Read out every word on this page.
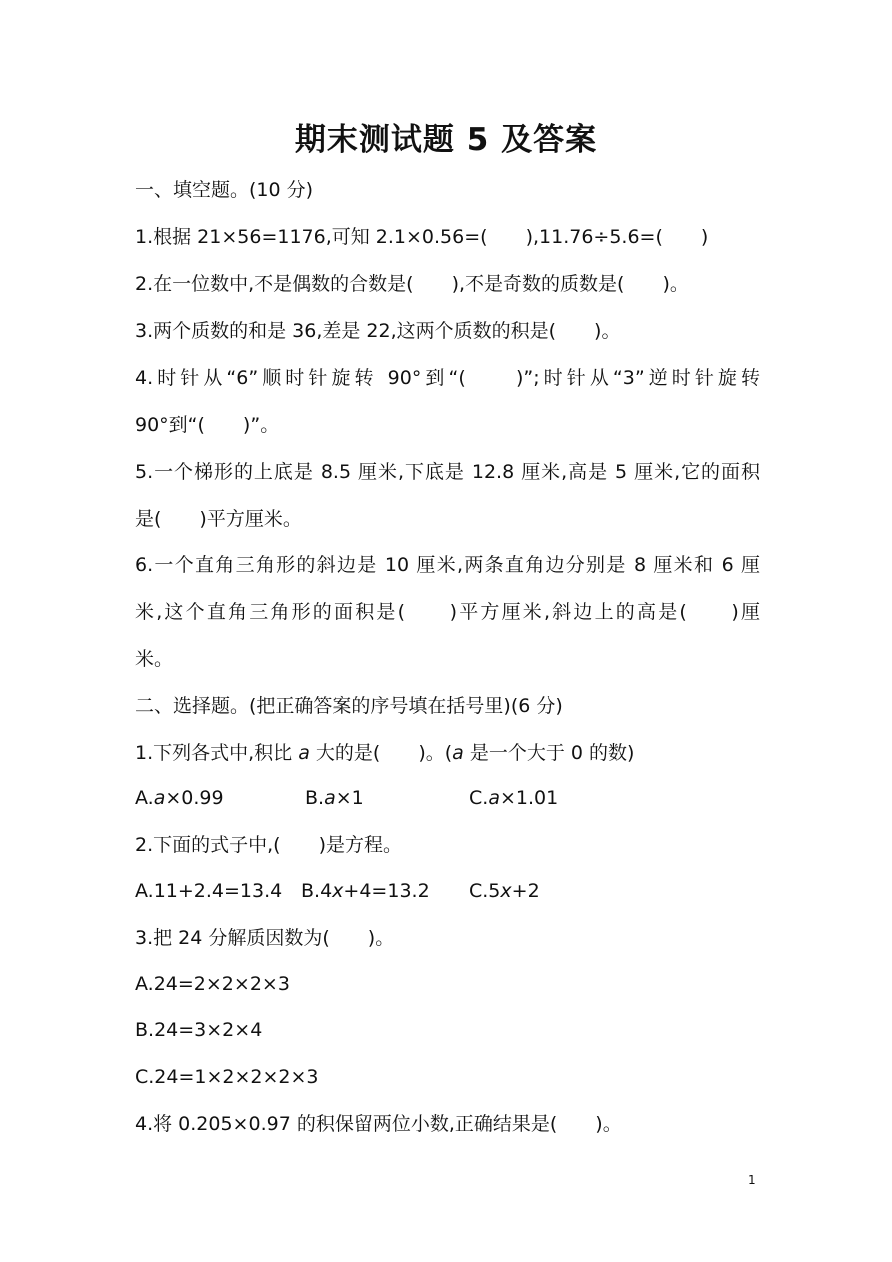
期末测试题 5 及答案
一、填空题。(10 分)
1.根据 21×56=1176,可知 2.1×0.56=(　　),11.76÷5.6=(　　)
2.在一位数中,不是偶数的合数是(　　),不是奇数的质数是(　　)。
3.两个质数的和是 36,差是 22,这两个质数的积是(　　)。
4.时针从“6”顺时针旋转 90°到“(　　)”;时针从“3”逆时针旋转
90°到“(　　)”。
5.一个梯形的上底是 8.5 厘米,下底是 12.8 厘米,高是 5 厘米,它的面积
是(　　)平方厘米。
6.一个直角三角形的斜边是 10 厘米,两条直角边分别是 8 厘米和 6 厘
米,这个直角三角形的面积是(　　)平方厘米,斜边上的高是(　　)厘
米。
二、选择题。(把正确答案的序号填在括号里)(6 分)
1.下列各式中,积比 a 大的是(　　)。(a 是一个大于 0 的数)
A.a×0.99	B.a×1	C.a×1.01
2.下面的式子中,(　　)是方程。
A.11+2.4=13.4 B.4x+4=13.2 C.5x+2
3.把 24 分解质因数为(　　)。
A.24=2×2×2×3
B.24=3×2×4
C.24=1×2×2×2×3
4.将 0.205×0.97 的积保留两位小数,正确结果是(　　)。
1
